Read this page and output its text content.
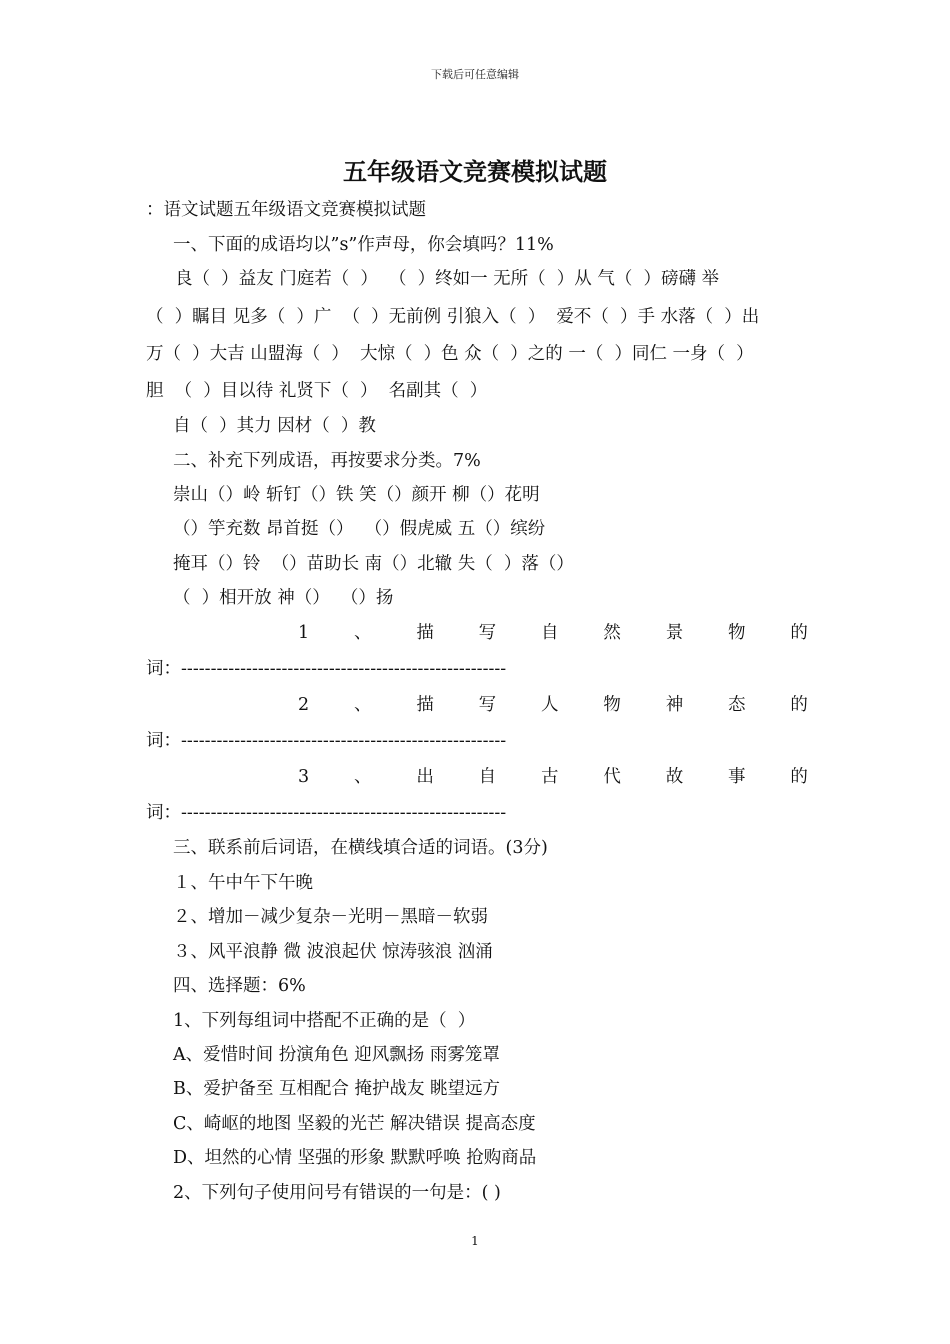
下载后可任意编辑
五年级语文竞赛模拟试题
：语文试题五年级语文竞赛模拟试题
一、下面的成语均以”s”作声母，你会填吗？11%
良（  ）益友 门庭若（  ）  （  ）终如一 无所（  ）从 气（  ）磅礴 举
（  ）瞩目 见多（  ）广  （  ）无前例 引狼入（  ）  爱不（  ）手 水落（  ）出
万（  ）大吉 山盟海（  ）  大惊（  ）色 众（  ）之的 一（  ）同仁 一身（  ）
胆  （  ）目以待 礼贤下（  ）  名副其（  ）
自（  ）其力 因材（  ）教
二、补充下列成语，再按要求分类。7%
崇山（）岭 斩钉（）铁 笑（）颜开 柳（）花明
（）竽充数 昂首挺（）  （）假虎威 五（）缤纷
掩耳（）铃  （）苗助长 南（）北辙 失（  ）落（）
（  ）相开放 神（）  （）扬
1	、	描	写	自	然	景	物	的
词：-------------------------------------------------------
2	、	描	写	人	物	神	态	的
词：-------------------------------------------------------
3	、	出	自	古	代	故	事	的
词：-------------------------------------------------------
三、联系前后词语，在横线填合适的词语。(3分)
１、午中午下午晚
２、增加－减少复杂－光明－黑暗－软弱
３、风平浪静 微 波浪起伏 惊涛骇浪 汹涌
四、选择题：6%
1、下列每组词中搭配不正确的是（  ）
A、爱惜时间 扮演角色 迎风飘扬 雨雾笼罩
B、爱护备至 互相配合 掩护战友 眺望远方
C、崎岖的地图 坚毅的光芒 解决错误 提高态度
D、坦然的心情 坚强的形象 默默呼唤 抢购商品
2、下列句子使用问号有错误的一句是：( )
1
